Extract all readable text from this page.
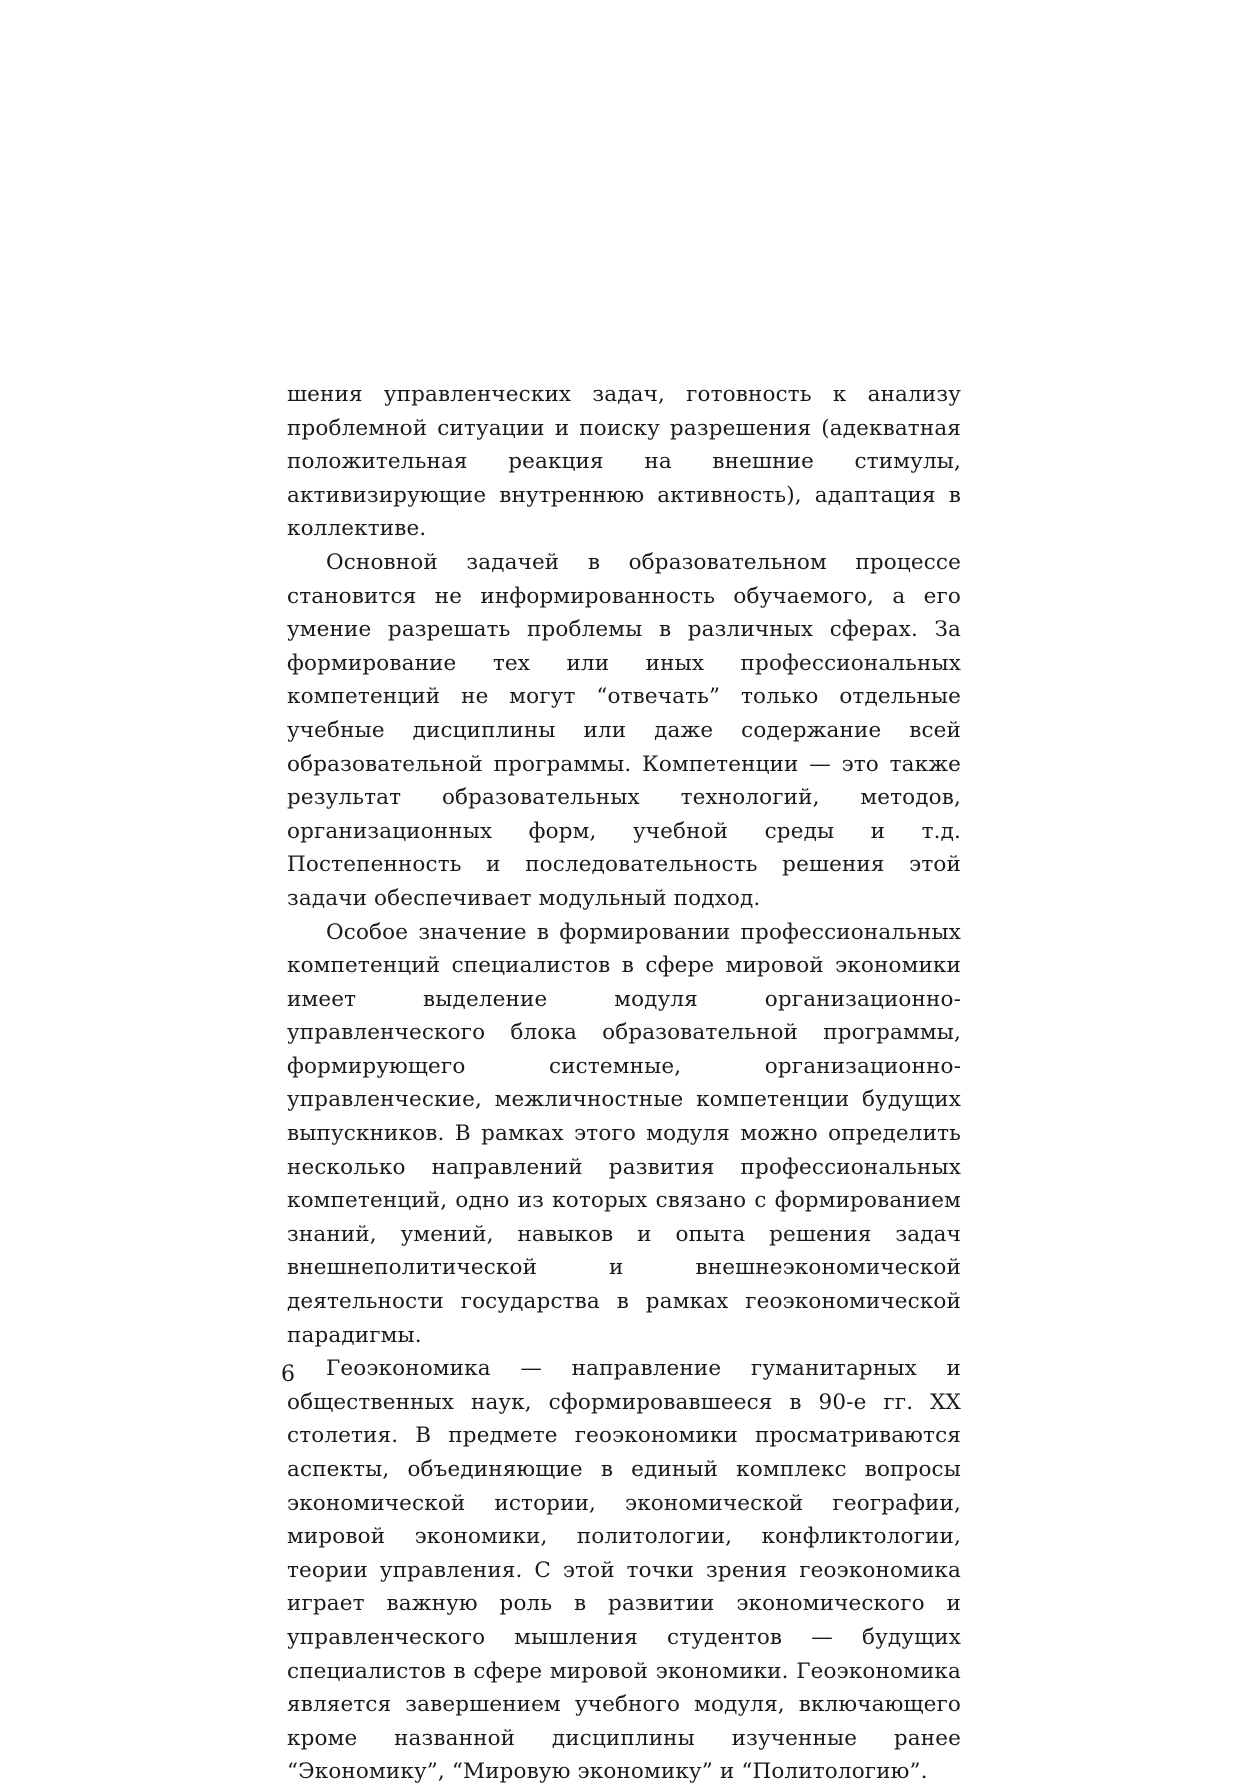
шения управленческих задач, готовность к анализу проблемной ситуации и поиску разрешения (адекватная положительная реакция на внешние стимулы, активизирующие внутреннюю активность), адаптация в коллективе.

Основной задачей в образовательном процессе становится не информированность обучаемого, а его умение разрешать проблемы в различных сферах. За формирование тех или иных профессиональных компетенций не могут “отвечать” только отдельные учебные дисциплины или даже содержание всей образовательной программы. Компетенции — это также результат образовательных технологий, методов, организационных форм, учебной среды и т.д. Постепенность и последовательность решения этой задачи обеспечивает модульный подход.

Особое значение в формировании профессиональных компетенций специалистов в сфере мировой экономики имеет выделение модуля организационно-управленческого блока образовательной программы, формирующего системные, организационно-управленческие, межличностные компетенции будущих выпускников. В рамках этого модуля можно определить несколько направлений развития профессиональных компетенций, одно из которых связано с формированием знаний, умений, навыков и опыта решения задач внешнеполитической и внешнеэкономической деятельности государства в рамках геоэкономической парадигмы.

Геоэкономика — направление гуманитарных и общественных наук, сформировавшееся в 90-е гг. XX столетия. В предмете геоэкономики просматриваются аспекты, объединяющие в единый комплекс вопросы экономической истории, экономической географии, мировой экономики, политологии, конфликтологии, теории управления. С этой точки зрения геоэкономика играет важную роль в развитии экономического и управленческого мышления студентов — будущих специалистов в сфере мировой экономики. Геоэкономика является завершением учебного модуля, включающего кроме названной дисциплины изученные ранее “Экономику”, “Мировую экономику” и “Политологию”.

6
